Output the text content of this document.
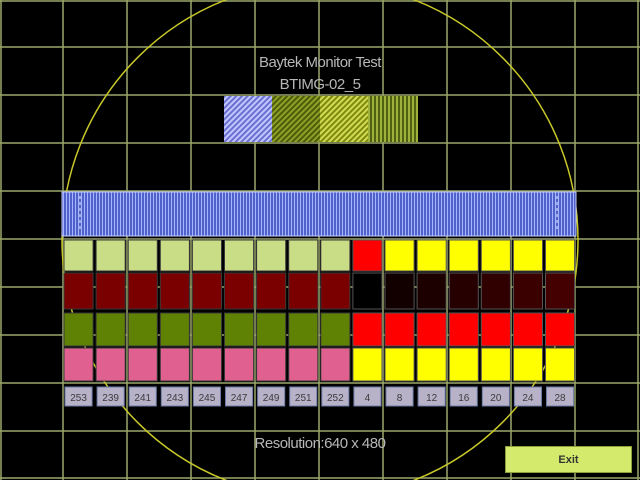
253 239 241 243 245 247 249 251 252 4	8 12 16 20 24 28
Baytek Monitor Test
BTIMG-02_5
Resolution:640 x 480
Exit
